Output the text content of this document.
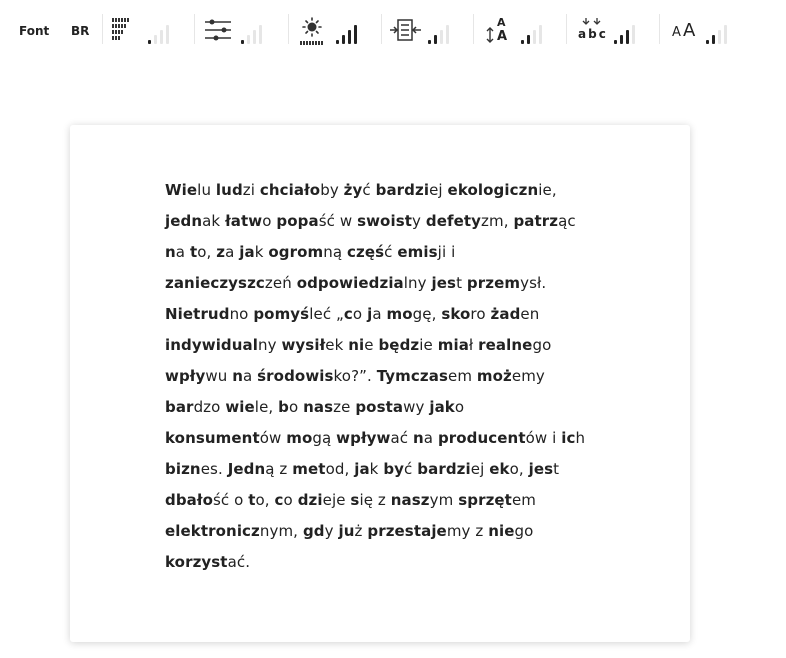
Font BR
A
A	abc	A A
Wielu ludzi chciałoby żyć bardziej ekologicznie,
jednak łatwo popaść w swoisty defetyzm, patrząc
na to, za jak ogromną część emisji i
zanieczyszczeń odpowiedzialny jest przemysł.
Nietrudno pomyśleć „co ja mogę, skoro żaden
indywidualny wysiłek nie będzie miał realnego
wpływu na środowisko?”. Tymczasem możemy
bardzo wiele, bo nasze postawy jako
konsumentów mogą wpływać na producentów i ich
biznes. Jedną z metod, jak być bardziej eko, jest
dbałość o to, co dzieje się z naszym sprzętem
elektronicznym, gdy już przestajemy z niego
korzystać.
